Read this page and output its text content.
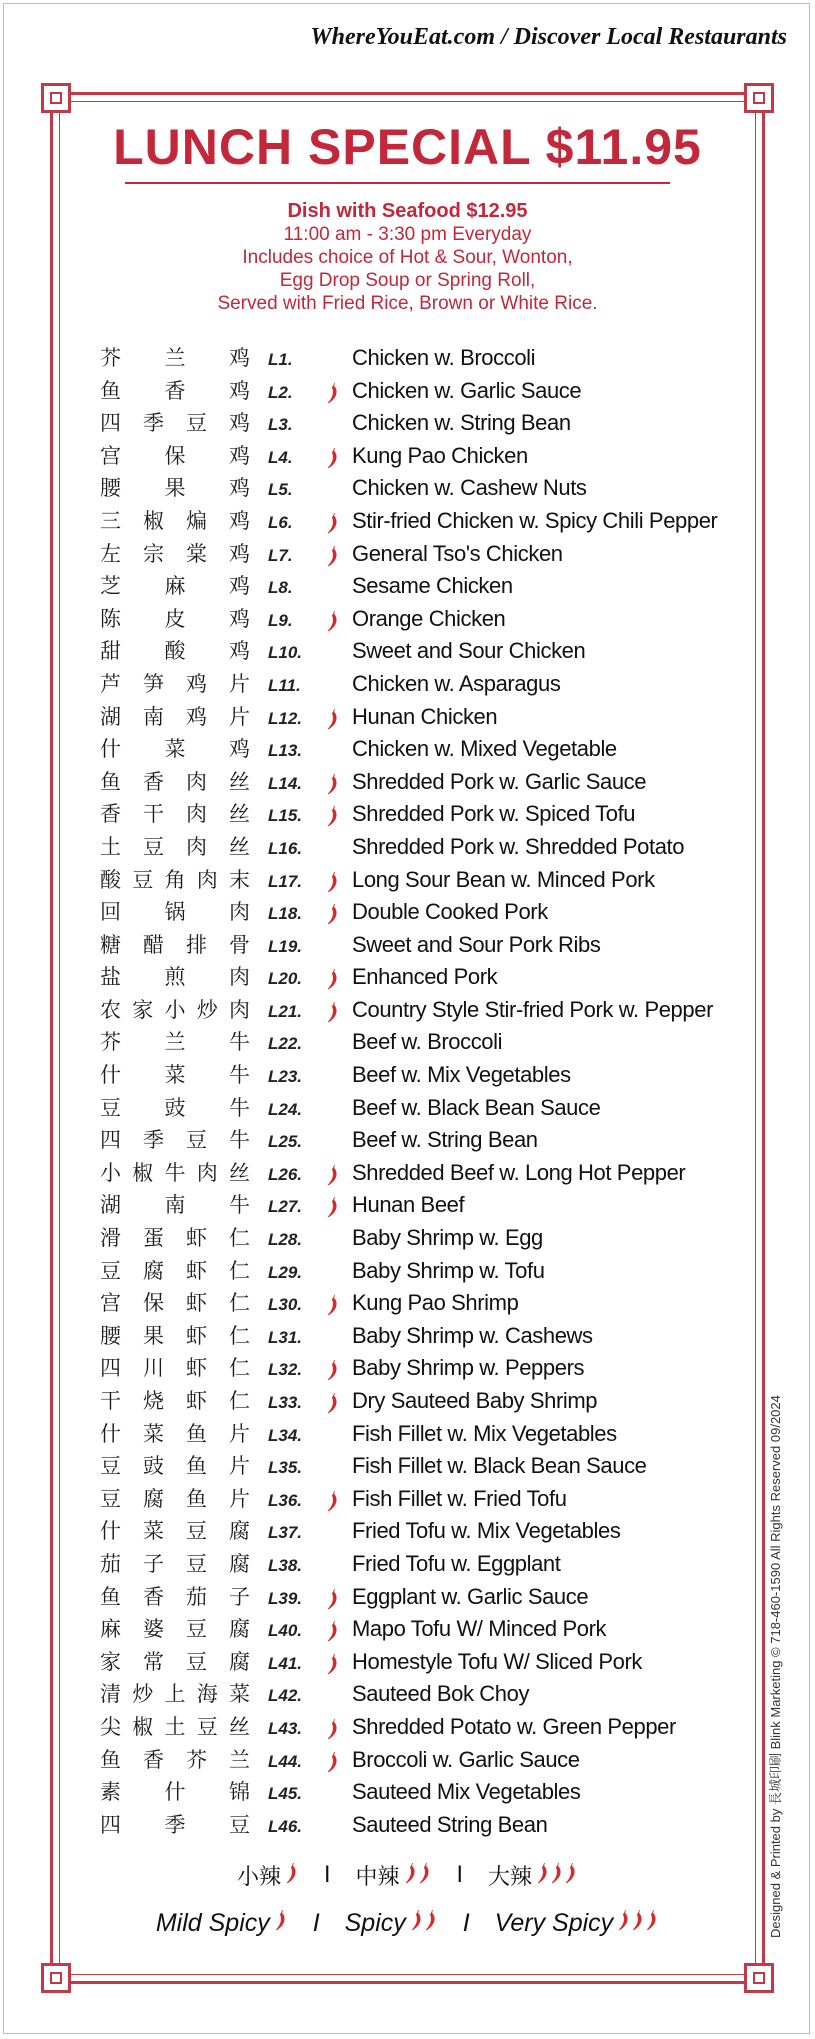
WhereYouEat.com / Discover Local Restaurants
LUNCH SPECIAL $11.95
Dish with Seafood $12.95
11:00 am - 3:30 pm Everyday
Includes choice of Hot & Sour, Wonton,
Egg Drop Soup or Spring Roll,
Served with Fried Rice, Brown or White Rice.
芥 兰 鸡 L1.	Chicken w. Broccoli
鱼 香 鸡 L2.	Chicken w. Garlic Sauce
四 季 豆 鸡 L3.	Chicken w. String Bean
宫 保 鸡 L4.	Kung Pao Chicken
腰 果 鸡 L5.	Chicken w. Cashew Nuts
三 椒 煸 鸡 L6.	Stir-fried Chicken w. Spicy Chili Pepper
左 宗 棠 鸡 L7.	General Tso's Chicken
芝 麻 鸡 L8.	Sesame Chicken
陈 皮 鸡 L9.	Orange Chicken
甜 酸 鸡 L10. Sweet and Sour Chicken
芦 笋 鸡 片 L11. Chicken w. Asparagus
湖 南 鸡 片 L12. Hunan Chicken
什 菜 鸡 L13. Chicken w. Mixed Vegetable
鱼 香 肉 丝 L14. Shredded Pork w. Garlic Sauce
香 干 肉 丝 L15. Shredded Pork w. Spiced Tofu
土 豆 肉 丝 L16. Shredded Pork w. Shredded Potato
酸 豆 角 肉 末 L17. Long Sour Bean w. Minced Pork
回 锅 肉 L18. Double Cooked Pork
糖 醋 排 骨 L19. Sweet and Sour Pork Ribs
盐 煎 肉 L20. Enhanced Pork
农 家 小 炒 肉 L21. Country Style Stir-fried Pork w. Pepper
芥 兰 牛 L22. Beef w. Broccoli
什 菜 牛 L23. Beef w. Mix Vegetables
豆 豉 牛 L24. Beef w. Black Bean Sauce
四 季 豆 牛 L25. Beef w. String Bean
小 椒 牛 肉 丝 L26. Shredded Beef w. Long Hot Pepper
湖 南 牛 L27. Hunan Beef
滑 蛋 虾 仁 L28. Baby Shrimp w. Egg
豆 腐 虾 仁 L29. Baby Shrimp w. Tofu
宫 保 虾 仁 L30. Kung Pao Shrimp
腰 果 虾 仁 L31. Baby Shrimp w. Cashews
四 川 虾 仁 L32. Baby Shrimp w. Peppers
干 烧 虾 仁 L33. Dry Sauteed Baby Shrimp
什 菜 鱼 片 L34. Fish Fillet w. Mix Vegetables
豆 豉 鱼 片 L35. Fish Fillet w. Black Bean Sauce
豆 腐 鱼 片 L36. Fish Fillet w. Fried Tofu
什 菜 豆 腐 L37. Fried Tofu w. Mix Vegetables
茄 子 豆 腐 L38. Fried Tofu w. Eggplant
鱼 香 茄 子 L39. Eggplant w. Garlic Sauce
麻 婆 豆 腐 L40. Mapo Tofu W/ Minced Pork
家 常 豆 腐 L41. Homestyle Tofu W/ Sliced Pork
清 炒 上 海 菜 L42. Sauteed Bok Choy
尖 椒 土 豆 丝 L43. Shredded Potato w. Green Pepper
鱼 香 芥 兰 L44. Broccoli w. Garlic Sauce
素 什 锦 L45. Sauteed Mix Vegetables
四 季 豆 L46. Sauteed String Bean
小辣 I 中辣	I 大辣
Mild Spicy I Spicy I Very Spicy	Designed & Printed by 長城印刷 Blink Marketing © 718-460-1590 All Rights Reserved 09/2024
